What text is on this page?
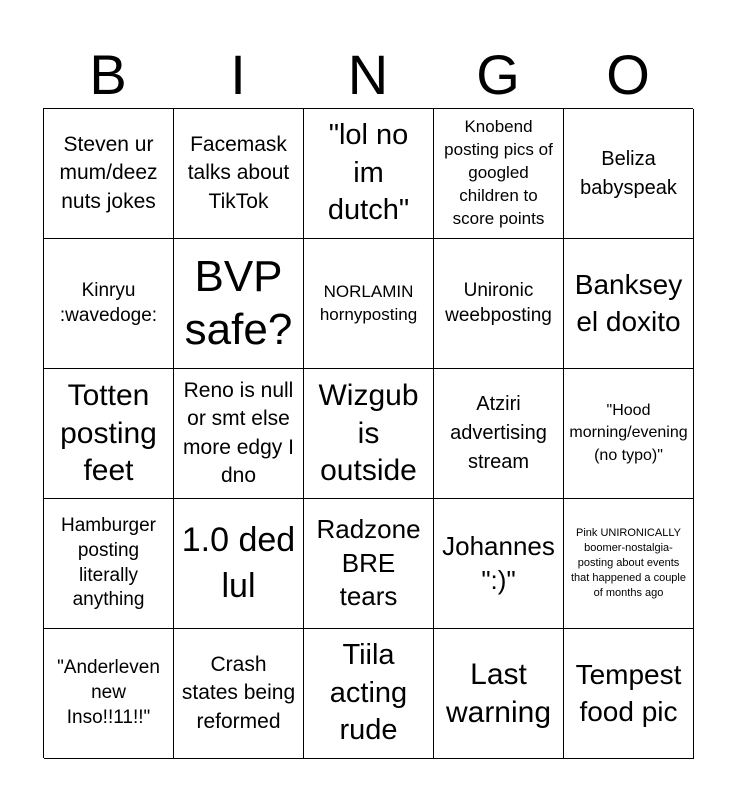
B	I	N	G	O
Steven ur mum/deez nuts jokes
Facemask talks about TikTok
"lol no im dutch"
Knobend posting pics of googled children to score points
Beliza babyspeak
Kinryu :wavedoge:
BVP safe?
NORLAMIN hornyposting
Unironic weebposting
Banksey el doxito
Totten posting feet
Reno is null or smt else more edgy I dno
Wizgub is outside
Atziri advertising stream
"Hood morning/evening (no typo)"
Hamburger posting literally anything
1.0 ded lul
Radzone BRE tears
Johannes ":)"
Pink UNIRONICALLY boomer-nostalgia-posting about events that happened a couple of months ago
"Anderleven new Inso!!11!!"
Crash states being reformed
Tiila acting rude
Last warning
Tempest food pic
